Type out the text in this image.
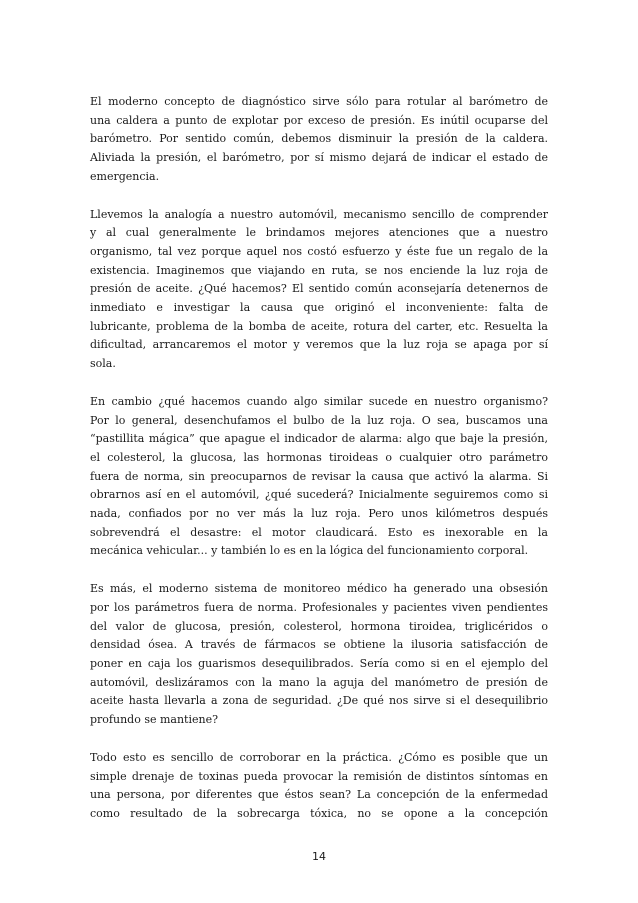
El moderno concepto de diagnóstico sirve sólo para rotular al barómetro de
una caldera a punto de explotar por exceso de presión. Es inútil ocuparse del
barómetro. Por sentido común, debemos disminuir la presión de la caldera.
Aliviada la presión, el barómetro, por sí mismo dejará de indicar el estado de
emergencia.

Llevemos la analogía a nuestro automóvil, mecanismo sencillo de comprender
y al cual generalmente le brindamos mejores atenciones que a nuestro
organismo, tal vez porque aquel nos costó esfuerzo y éste fue un regalo de la
existencia. Imaginemos que viajando en ruta, se nos enciende la luz roja de
presión de aceite. ¿Qué hacemos? El sentido común aconsejaría detenernos de
inmediato e investigar la causa que originó el inconveniente: falta de
lubricante, problema de la bomba de aceite, rotura del carter, etc. Resuelta la
dificultad, arrancaremos el motor y veremos que la luz roja se apaga por sí
sola.

En cambio ¿qué hacemos cuando algo similar sucede en nuestro organismo?
Por lo general, desenchufamos el bulbo de la luz roja. O sea, buscamos una
“pastillita mágica” que apague el indicador de alarma: algo que baje la presión,
el colesterol, la glucosa, las hormonas tiroideas o cualquier otro parámetro
fuera de norma, sin preocuparnos de revisar la causa que activó la alarma. Si
obrarnos así en el automóvil, ¿qué sucederá? Inicialmente seguiremos como si
nada, confiados por no ver más la luz roja. Pero unos kilómetros después
sobrevendrá el desastre: el motor claudicará. Esto es inexorable en la
mecánica vehicular... y también lo es en la lógica del funcionamiento corporal.

Es más, el moderno sistema de monitoreo médico ha generado una obsesión
por los parámetros fuera de norma. Profesionales y pacientes viven pendientes
del valor de glucosa, presión, colesterol, hormona tiroidea, triglicéridos o
densidad ósea. A través de fármacos se obtiene la ilusoria satisfacción de
poner en caja los guarismos desequilibrados. Sería como si en el ejemplo del
automóvil, deslizáramos con la mano la aguja del manómetro de presión de
aceite hasta llevarla a zona de seguridad. ¿De qué nos sirve si el desequilibrio
profundo se mantiene?

Todo esto es sencillo de corroborar en la práctica. ¿Cómo es posible que un
simple drenaje de toxinas pueda provocar la remisión de distintos síntomas en
una persona, por diferentes que éstos sean? La concepción de la enfermedad
como resultado de la sobrecarga tóxica, no se opone a la concepción

14
